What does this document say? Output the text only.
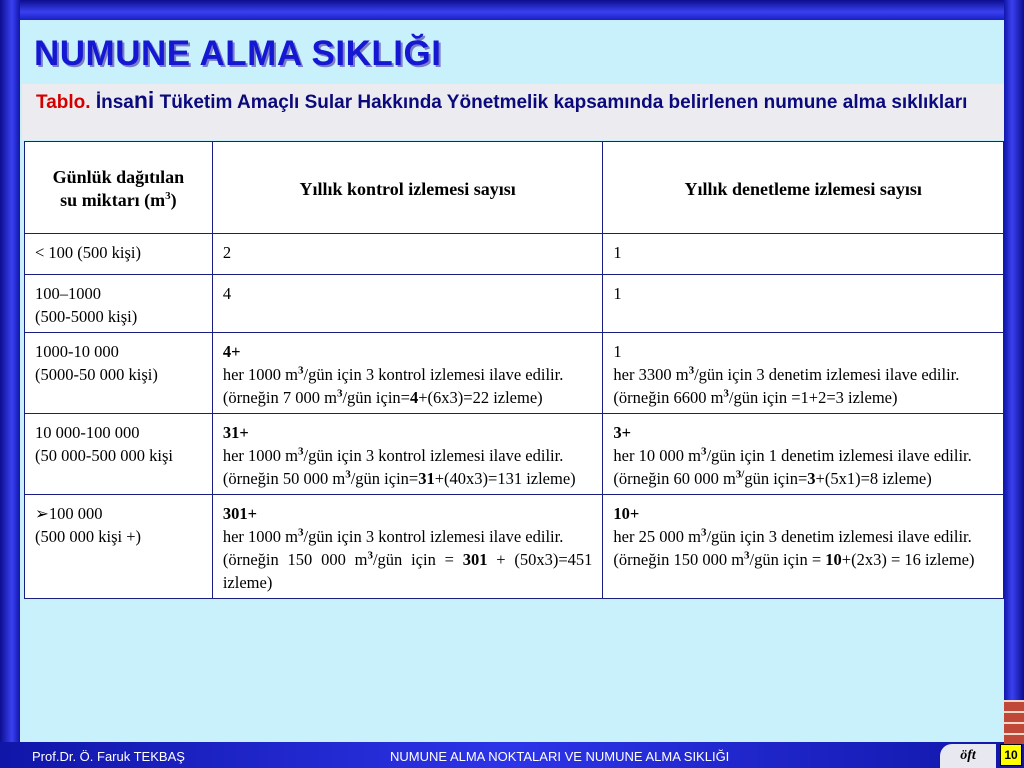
NUMUNE ALMA SIKLIĞI

Tablo. İnsani Tüketim Amaçlı Sular Hakkında Yönetmelik kapsamında belirlenen numune alma sıklıkları

Günlük dağıtılan
su miktarı $(m^3)$	Yıllık kontrol izlemesi sayısı	Yıllık denetleme izlemesi sayısı
< 100 (500 kişi)	2	1
100–1000
(500-5000 kişi)	4	1
1000-10 000
(5000-50 000 kişi)	4+
her 1000 $m^3$/gün için 3 kontrol izlemesi ilave edilir.
(örneğin 7 000 $m^3$/gün için=4+(6x3)=22 izleme)	1
her 3300 $m^3$/gün için 3 denetim izlemesi ilave edilir.
(örneğin 6600 $m^3$/gün için =1+2=3 izleme)
10 000-100 000
(50 000-500 000 kişi	31+
her 1000 $m^3$/gün için 3 kontrol izlemesi ilave edilir.
(örneğin 50 000 $m^3$/gün için=31+(40x3)=131 izleme)	3+
her 10 000 $m^3$/gün için 1 denetim izlemesi ilave edilir.
(örneğin 60 000 $m^{3/}gün$ için=3+(5x1)=8 izleme)
➢100 000
(500 000 kişi +)	301+
her 1000 $m^3$/gün için 3 kontrol izlemesi ilave edilir.
(örneğin 150 000 $m^3$/gün için = 301 + (50x3)=451 izleme)	10+
her 25 000 $m^3$/gün için 3 denetim izlemesi ilave edilir.
(örneğin 150 000 $m^3$/gün için = 10+(2x3) = 16 izleme)

Prof.Dr. Ö. Faruk TEKBAŞ	NUMUNE ALMA NOKTALARI VE NUMUNE ALMA SIKLIĞI	öft	10
